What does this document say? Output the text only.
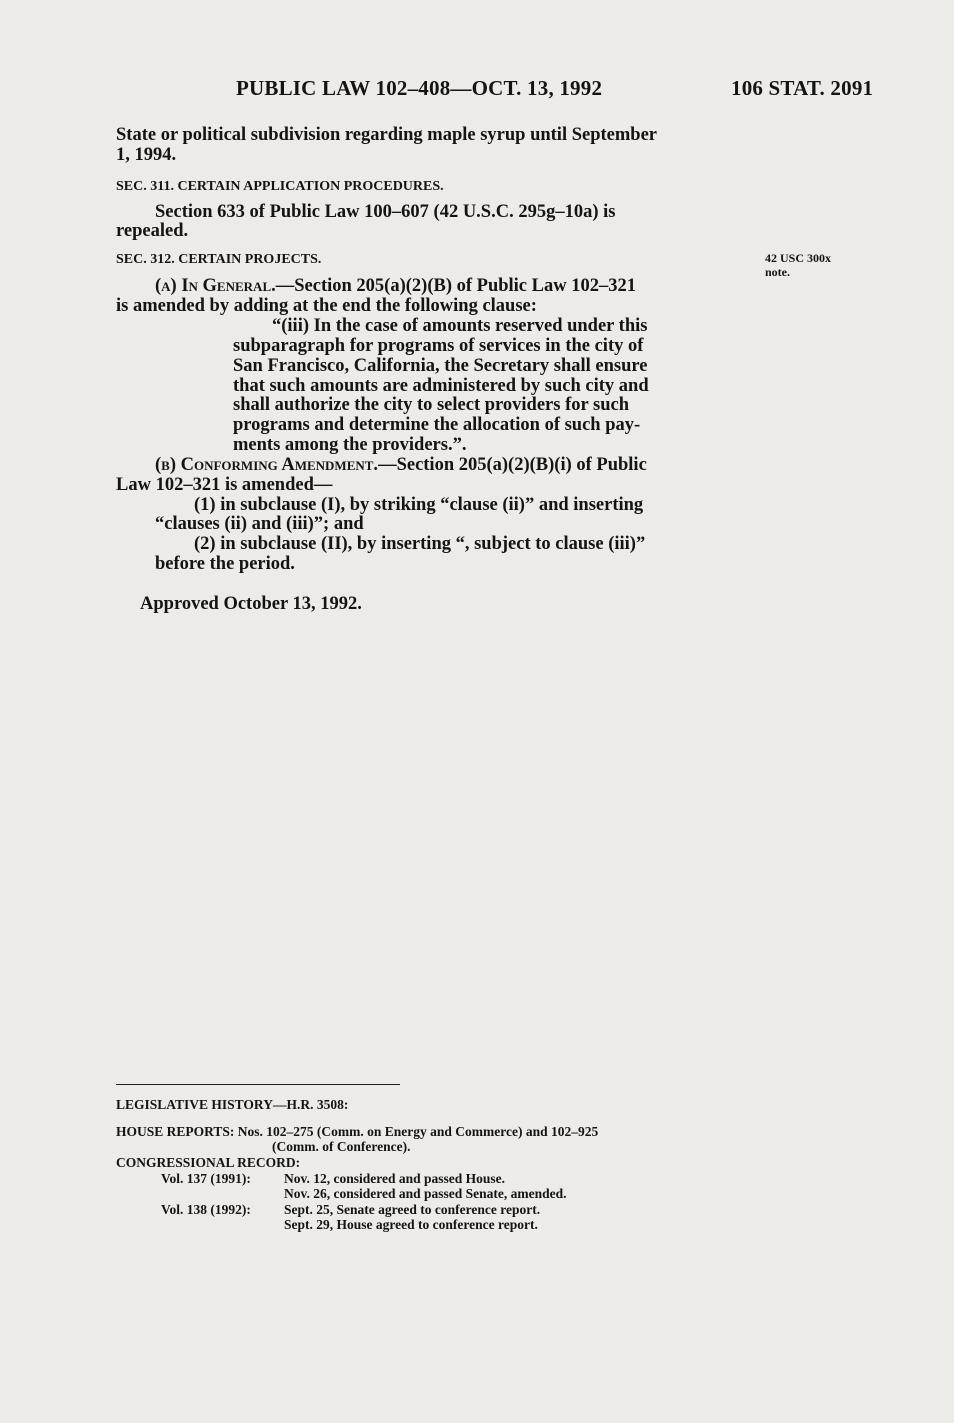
PUBLIC LAW 102–408—OCT. 13, 1992	106 STAT. 2091
State or political subdivision regarding maple syrup until September
1, 1994.
SEC. 311. CERTAIN APPLICATION PROCEDURES.
Section 633 of Public Law 100–607 (42 U.S.C. 295g–10a) is
repealed.
SEC. 312. CERTAIN PROJECTS.	42 USC 300x
note.
(a) In General.—Section 205(a)(2)(B) of Public Law 102–321
is amended by adding at the end the following clause:
“(iii) In the case of amounts reserved under this
subparagraph for programs of services in the city of
San Francisco, California, the Secretary shall ensure
that such amounts are administered by such city and
shall authorize the city to select providers for such
programs and determine the allocation of such pay-
ments among the providers.”.
(b) Conforming Amendment.—Section 205(a)(2)(B)(i) of Public
Law 102–321 is amended—
(1) in subclause (I), by striking “clause (ii)” and inserting
“clauses (ii) and (iii)”; and
(2) in subclause (II), by inserting “, subject to clause (iii)”
before the period.
Approved October 13, 1992.
LEGISLATIVE HISTORY—H.R. 3508:
HOUSE REPORTS: Nos. 102–275 (Comm. on Energy and Commerce) and 102–925
(Comm. of Conference).
CONGRESSIONAL RECORD:
Vol. 137 (1991): Nov. 12, considered and passed House.
Nov. 26, considered and passed Senate, amended.
Vol. 138 (1992): Sept. 25, Senate agreed to conference report.
Sept. 29, House agreed to conference report.
